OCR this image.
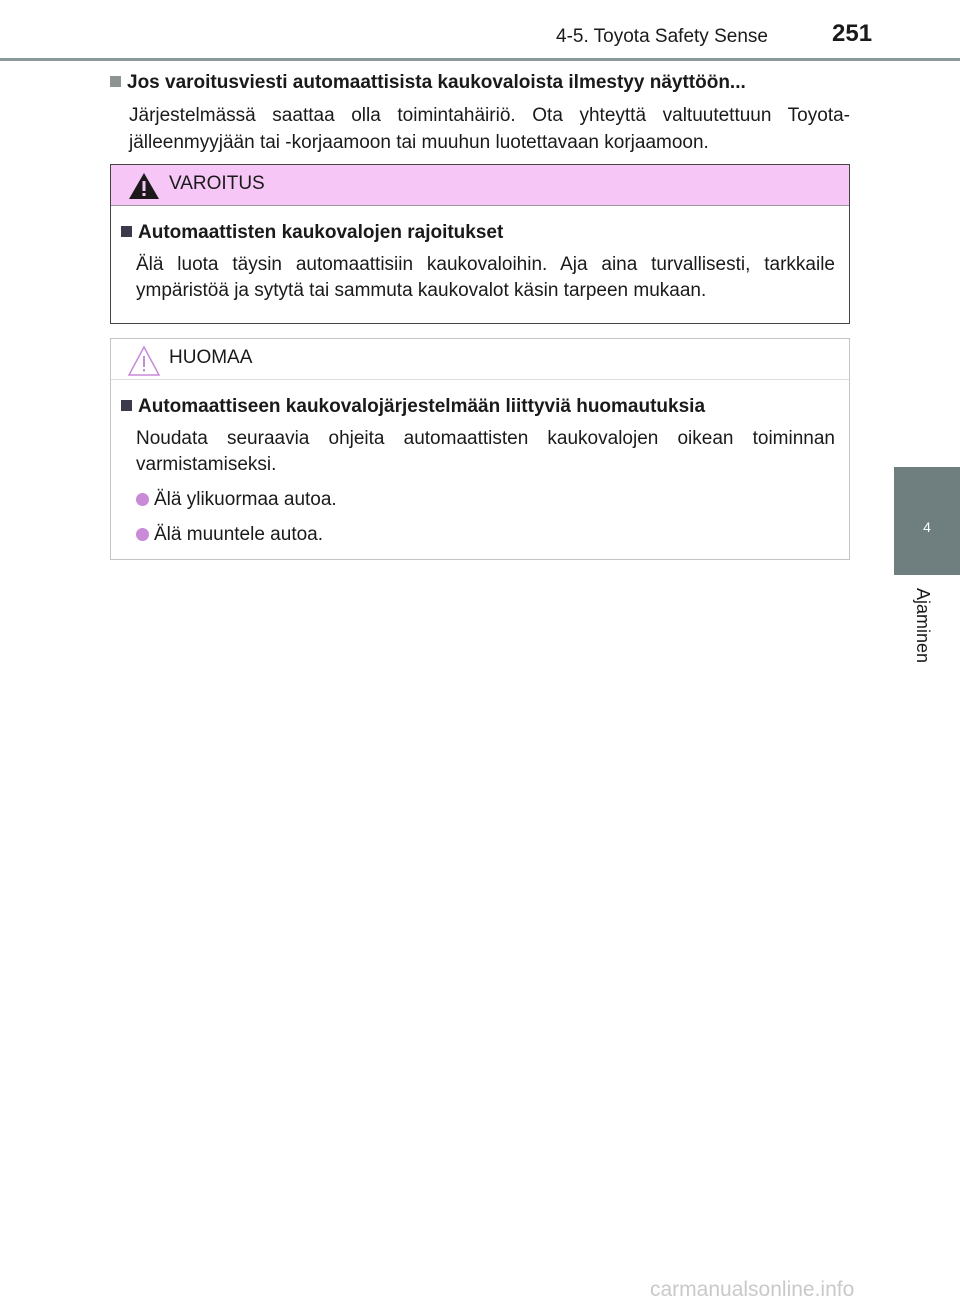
4-5. Toyota Safety Sense	251
4
Ajaminen
Jos varoitusviesti automaattisista kaukovaloista ilmestyy näyttöön...
Järjestelmässä saattaa olla toimintahäiriö. Ota yhteyttä valtuutettuun Toyota-jälleenmyyjään tai -korjaamoon tai muuhun luotettavaan korjaamoon.
VAROITUS
Automaattisten kaukovalojen rajoitukset
Älä luota täysin automaattisiin kaukovaloihin. Aja aina turvallisesti, tarkkaile ympäristöä ja sytytä tai sammuta kaukovalot käsin tarpeen mukaan.
HUOMAA
Automaattiseen kaukovalojärjestelmään liittyviä huomautuksia
Noudata seuraavia ohjeita automaattisten kaukovalojen oikean toiminnan varmistamiseksi.
Älä ylikuormaa autoa.
Älä muuntele autoa.
carmanualsonline.info
